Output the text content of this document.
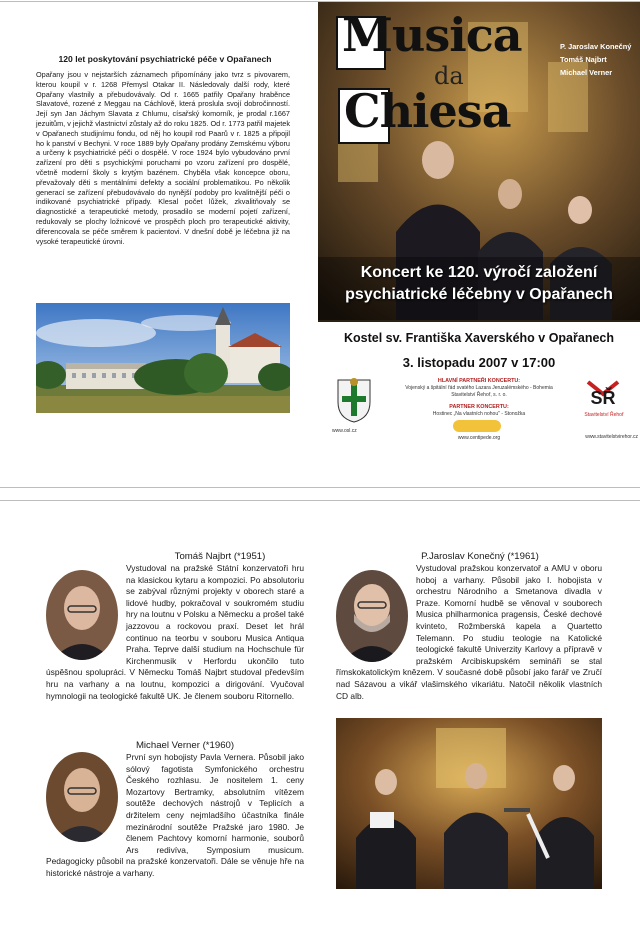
120 let poskytování psychiatrické péče v Opařanech
Opařany jsou v nejstarších záznamech připomínány jako tvrz s pivovarem, kterou koupil v r. 1268 Přemysl Otakar II. Následovaly další rody, které Opařany vlastnily a přebudovávaly. Od r. 1665 patřily Opařany hraběnce Slavatové, rozené z Meggau na Cáchlově, která proslula svojí dobročinností. Její syn Jan Jáchym Slavata z Chlumu, císařský komorník, je prodal r.1667 jezuitům, v jejichž vlastnictví zůstaly až do roku 1825. Od r. 1773 patřil majetek v Opařanech studijnímu fondu, od něj ho koupil rod Paarů v r. 1825 a připojil ho k panství v Bechyni. V roce 1889 byly Opařany prodány Zemskému výboru a určeny k psychiatrické péči o dospělé. V roce 1924 bylo vybudováno první zařízení pro děti s psychickými poruchami po vzoru zařízení pro dospělé, včetně moderní školy s krytým bazénem. Chyběla však koncepce oboru, převažovaly děti s mentálními defekty a sociální problematikou. Po několik generací se zařízení přebudovávalo do nynější podoby pro kvalitnější péči o indikované psychiatrické případy. Klesal počet lůžek, zkvalitňovaly se diagnostické a terapeutické metody, prosadilo se moderní pojetí zařízení, redukovaly se plochy ložnicové ve prospěch ploch pro terapeutické aktivity, diferencovala se péče směrem k pacientovi. V dnešní době je léčebna již na vysoké terapeutické úrovni.
Musica
da
Chiesa
P. Jaroslav Konečný
Tomáš Najbrt
Michael Verner
Koncert ke 120. výročí založení
psychiatrické léčebny v Opařanech
Kostel sv. Františka Xaverského v Opařanech
3. listopadu 2007 v 17:00
www.osl.cz
HLAVNÍ PARTNEŘI KONCERTU:
Vojenský a špitální řád svatého Lazara Jeruzalémského - Bohemia
Stavitelství Řehoř, s. r. o.
PARTNER KONCERTU:
Hostinec „Na vlastních nohou" - Stonožka
www.centipede.org
SŘ
Stavitelství Řehoř
www.stavitelstvirehor.cz
Tomáš Najbrt (*1951)
Vystudoval na pražské Státní konzervatoři hru na klasickou kytaru a kompozici. Po absolutoriu se zabýval různými projekty v oborech staré a lidové hudby, pokračoval v soukromém studiu hry na loutnu v Polsku a Německu a prošel také jazzovou a rockovou praxí. Deset let hrál continuo na teorbu v souboru Musica Antiqua Praha. Teprve další studium na Hochschule für Kirchenmusik v Herfordu ukončilo tuto úspěšnou spolupráci. V Německu Tomáš Najbrt studoval především hru na varhany a na loutnu, kompozici a dirigování. Vyučoval hymnologii na teologické fakultě UK. Je členem souboru Ritornello.
Michael Verner (*1960)
První syn hobojisty Pavla Vernera. Působil jako sólový fagotista Symfonického orchestru Českého rozhlasu. Je nositelem 1. ceny Mozartovy Bertramky, absolutním vítězem soutěže dechových nástrojů v Teplicích a držitelem ceny nejmladšího účastníka finále mezinárodní soutěže Pražské jaro 1980. Je členem Pachtovy komorní harmonie, souborů Ars redivíva, Symposium musicum. Pedagogicky působil na pražské konzervatoři. Dále se věnuje hře na historické nástroje a varhany.
P.Jaroslav Konečný (*1961)
Vystudoval pražskou konzervatoř a AMU v oboru hoboj a varhany. Působil jako I. hobojista v orchestru Národního a Smetanova divadla v Praze. Komorní hudbě se věnoval v souborech Musica philharmonica pragensis, České dechové kvinteto, Rožmberská kapela a Quartetto Telemann. Po studiu teologie na Katolické teologické fakultě Univerzity Karlovy a přípravě v pražském Arcibiskupském semináři se stal římskokatolickým knězem. V současné době působí jako farář ve Zručí nad Sázavou a vikář vlašimského vikariátu. Natočil několik vlastních CD alb.
